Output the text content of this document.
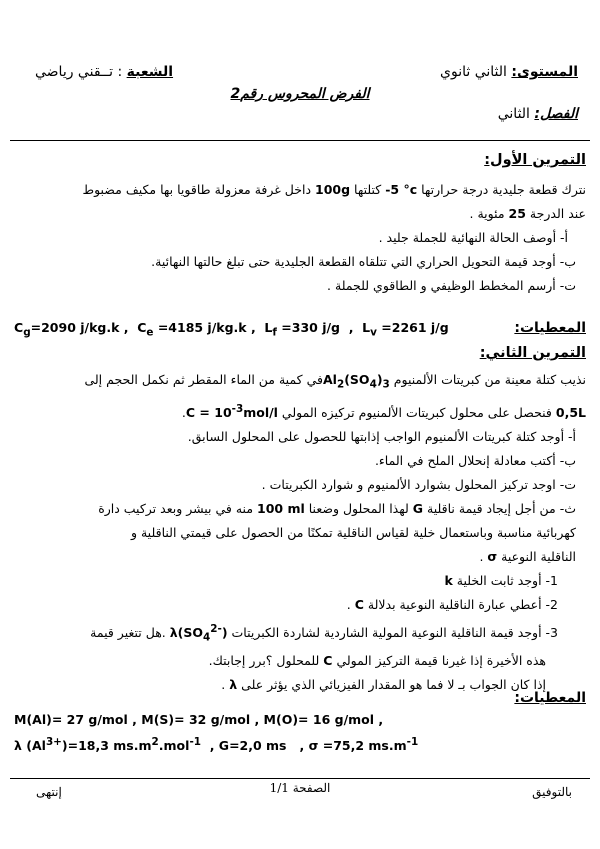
المستوى: الثاني ثانوي
الشعبة : تــقني رياضي
الفرض المحروس رقم2
الفصل: الثاني
التمرين الأول:
نترك قطعة جليدية درجة حرارتها -5 °c كتلتها 100g داخل غرفة معزولة طاقويا بها مكيف مضبوط
عند الدرجة 25 مئوية .
أ- أوصف الحالة النهائية للجملة جليد .
ب- أوجد قيمة التحويل الحراري التي تتلقاه القطعة الجليدية حتى تبلغ حالتها النهائية.
ت- أرسم المخطط الوظيفي و الطاقوي للجملة .
المعطيات:
$C_g=2090$ j/kg.k ,  $C_e =4185$ j/kg.k ,  $L_f =330$ j/g  ,  $L_v =2261$ j/g
التمرين الثاني:
نذيب كتلة معينة من كبريتات الألمنيوم $Al_2(SO_4)_3في$ كمية من الماء المقطر ثم نكمل الحجم إلى
0,5L فنحصل على محلول كبريتات الألمنيوم تركيزه المولي $C = 10^{-3}mol/l$.
أ- أوجد كتلة كبريتات الألمنيوم الواجب إذابتها للحصول على المحلول السابق.
ب- أكتب معادلة إنحلال الملح في الماء.
ت- اوجد تركيز المحلول بشوارد الألمنيوم و شوارد الكبريتات .
ث- من أجل إيجاد قيمة ناقلية G لهذا المحلول وضعنا 100 ml منه في بيشر وبعد تركيب دارة
كهربائية مناسبة وباستعمال خلية لقياس الناقلية تمكنًا من الحصول على قيمتي الناقلية و
الناقلية النوعية σ .
1- أوجد ثابت الخلية k
2- أعطي عبارة الناقلية النوعية بدلالة C .
3- أوجد قيمة الناقلية النوعية المولية الشاردية لشاردة الكبريتات $\lambda(SO_4^{2-})$ .هل تتغير قيمة
هذه الأخيرة إذا غيرنا قيمة التركيز المولي C للمحلول ؟برر إجابتك.
إذا كان الجواب بـ لا فما هو المقدار الفيزيائي الذي يؤثر على λ .
المعطيات:
M(Al)= 27 g/mol , M(S)= 32 g/mol , M(O)= 16 g/mol ,
λ $(Al^{3+})=18,3$ $ms.m^2.mol^{-1}$  , G=2,0 ms   , σ =75,2 $ms.m^{-1}$
بالتوفيق
الصفحة 1/1
إنتهى
